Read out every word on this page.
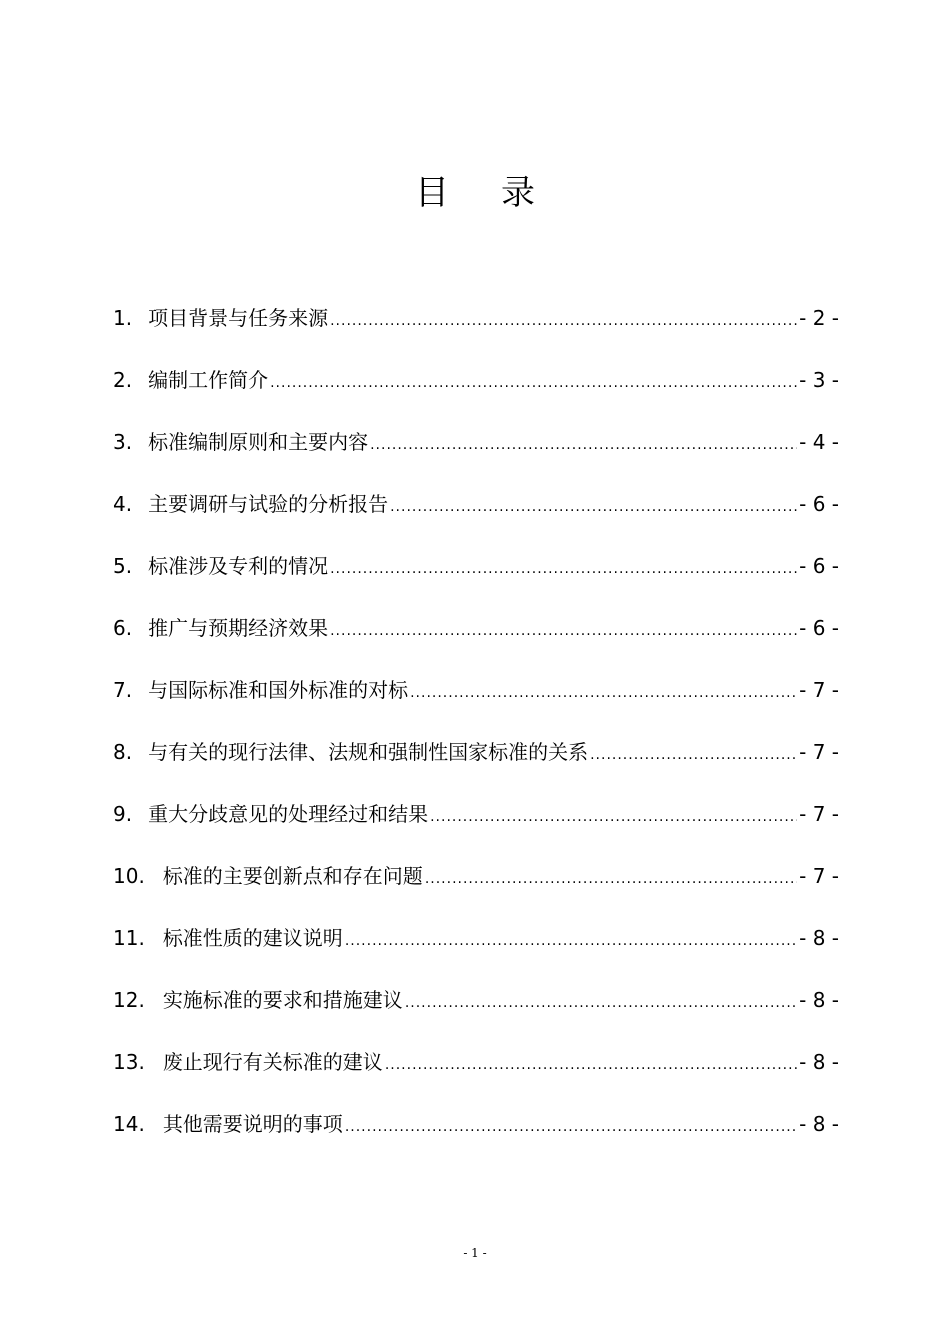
目 录
1. 项目背景与任务来源 .....	- 2 -
2. 编制工作简介 .....	- 3 -
3. 标准编制原则和主要内容 .....	- 4 -
4. 主要调研与试验的分析报告 .....	- 6 -
5. 标准涉及专利的情况 .....	- 6 -
6. 推广与预期经济效果 .....	- 6 -
7. 与国际标准和国外标准的对标 .....	- 7 -
8. 与有关的现行法律、法规和强制性国家标准的关系 .....	- 7 -
9. 重大分歧意见的处理经过和结果 .....	- 7 -
10. 标准的主要创新点和存在问题 .....	- 7 -
11. 标准性质的建议说明 .....	- 8 -
12. 实施标准的要求和措施建议 .....	- 8 -
13. 废止现行有关标准的建议 .....	- 8 -
14. 其他需要说明的事项 .....	- 8 -
- 1 -
